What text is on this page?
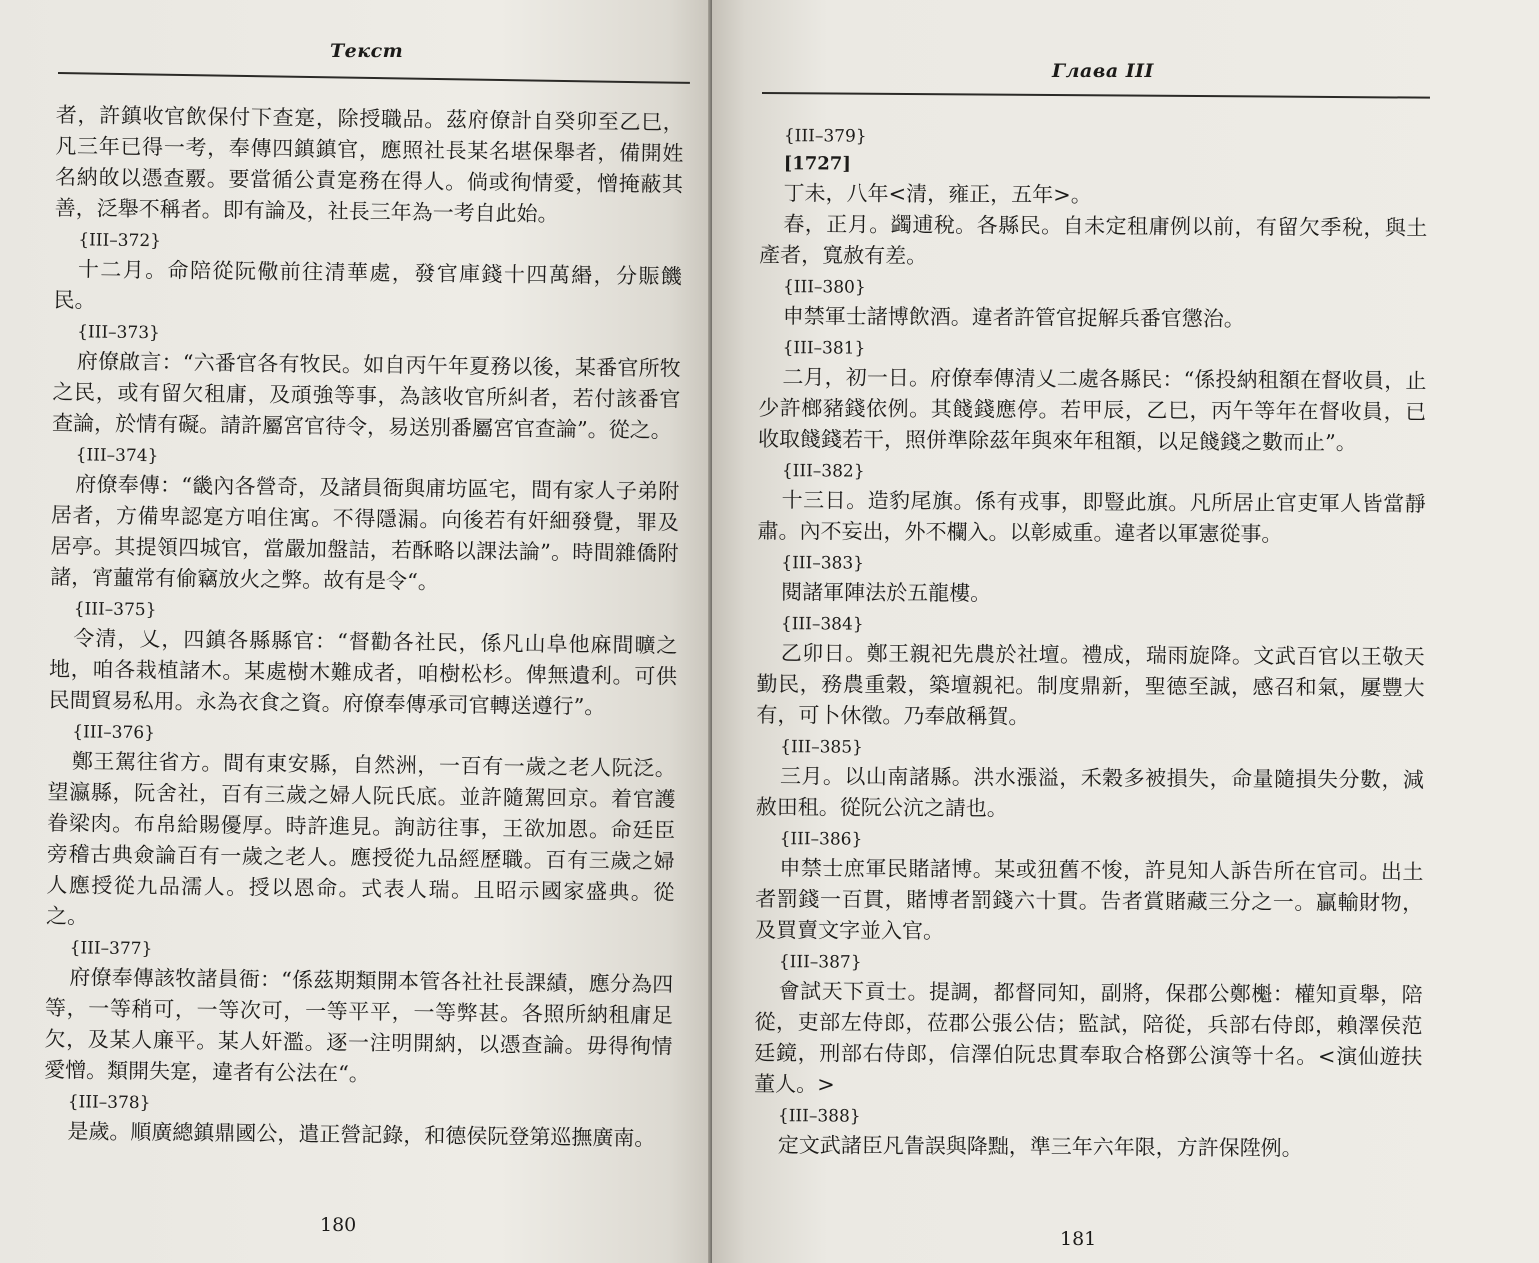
Текст
者，許鎮收官飲保付下查寔，除授職品。茲府僚計自癸卯至乙巳，凡三年已得一考，奉傳四鎮鎮官，應照社長某名堪保舉者，備開姓名納敀以憑查覈。要當循公責寔務在得人。倘或徇情愛，憎掩蔽其善，泛舉不稱者。即有論及，社長三年為一考自此始。
{III–372}
十二月。命陪從阮儆前往清華處，發官庫錢十四萬緡，分賑饑民。
{III–373}
府僚啟言：“六番官各有牧民。如自丙午年夏務以後，某番官所牧之民，或有留欠租庸，及頑強等事，為該收官所糾者，若付該番官查論，於情有礙。請許屬宮官待令，易送別番屬宮官查論”。從之。
{III–374}
府僚奉傳：“畿內各營奇，及諸員衙與庯坊區宅，間有家人子弟附居者，方備卑認寔方咱住寓。不得隱漏。向後若有奸細發覺，罪及居亭。其提領四城官，當嚴加盤詰，若酥略以課法論”。時間雜僑附諸，宵蘁常有偷竊放火之弊。故有是令“。
{III–375}
令清，乂，四鎮各縣縣官：“督勸各社民，係凡山阜他麻間曠之地，咱各栽植諸木。某處樹木難成者，咱樹松杉。俾無遺利。可供民間貿易私用。永為衣食之資。府僚奉傳承司官轉送遵行”。
{III–376}
鄭王駕往省方。間有東安縣，自然洲，一百有一歲之老人阮泛。望瀛縣，阮舍社，百有三歲之婦人阮氏底。並許隨駕回京。着官護眷梁肉。布帛給賜優厚。時許進見。詢訪往事，王欲加恩。命廷臣旁稽古典僉論百有一歲之老人。應授從九品經歷職。百有三歲之婦人應授從九品濡人。授以恩命。式表人瑞。且昭示國家盛典。從之。
{III–377}
府僚奉傳該牧諸員衙：“係茲期類開本管各社社長課績，應分為四等，一等稍可，一等次可，一等平平，一等弊甚。各照所納租庸足欠，及某人廉平。某人奸濫。逐一注明開納，以憑查論。毋得徇情愛憎。類開失寔，違者有公法在“。
{III–378}
是歲。順廣總鎮鼎國公，遣正營記錄，和德侯阮登第巡撫廣南。
180
Глава III
{III–379}
[1727]
丁未，八年<清，雍正，五年>。
春，正月。蠲逋稅。各縣民。自未定租庸例以前，有留欠季稅，與土產者，寬赦有差。
{III–380}
申禁軍士諸博飲酒。違者許管官捉解兵番官懲治。
{III–381}
二月，初一日。府僚奉傳清乂二處各縣民：“係投納租額在督收員，止少許榔豬錢依例。其餞錢應停。若甲辰，乙巳，丙午等年在督收員，已收取餞錢若干，照併準除茲年與來年租額，以足餞錢之數而止”。
{III–382}
十三日。造豹尾旗。係有戎事，即豎此旗。凡所居止官吏軍人皆當靜肅。內不妄出，外不欄入。以彰威重。違者以軍憲從事。
{III–383}
閱諸軍陣法於五龍樓。
{III–384}
乙卯日。鄭王親祀先農於社壇。禮成，瑞雨旋降。文武百官以王敬天勤民，務農重穀，築壇親祀。制度鼎新，聖德至誠，感召和氣，屢豐大有，可卜休徵。乃奉啟稱賀。
{III–385}
三月。以山南諸縣。洪水漲溢，禾穀多被損失，命量隨損失分數，減赦田租。從阮公沆之請也。
{III–386}
申禁士庶軍民賭諸博。某或狃舊不悛，許見知人訴告所在官司。出土者罰錢一百貫，賭博者罰錢六十貫。告者賞賭藏三分之一。贏輸財物，及買賣文字並入官。
{III–387}
會試天下貢士。提調，都督同知，副將，保郡公鄭櫆：權知貢舉，陪從，吏部左侍郎，莅郡公張公佶；監試，陪從，兵部右侍郎，賴澤侯范廷鏡，刑部右侍郎，信澤伯阮忠貫奉取合格鄧公演等十名。<演仙遊扶董人。>
{III–388}
定文武諸臣凡眚誤與降黜，準三年六年限，方許保陞例。
181
